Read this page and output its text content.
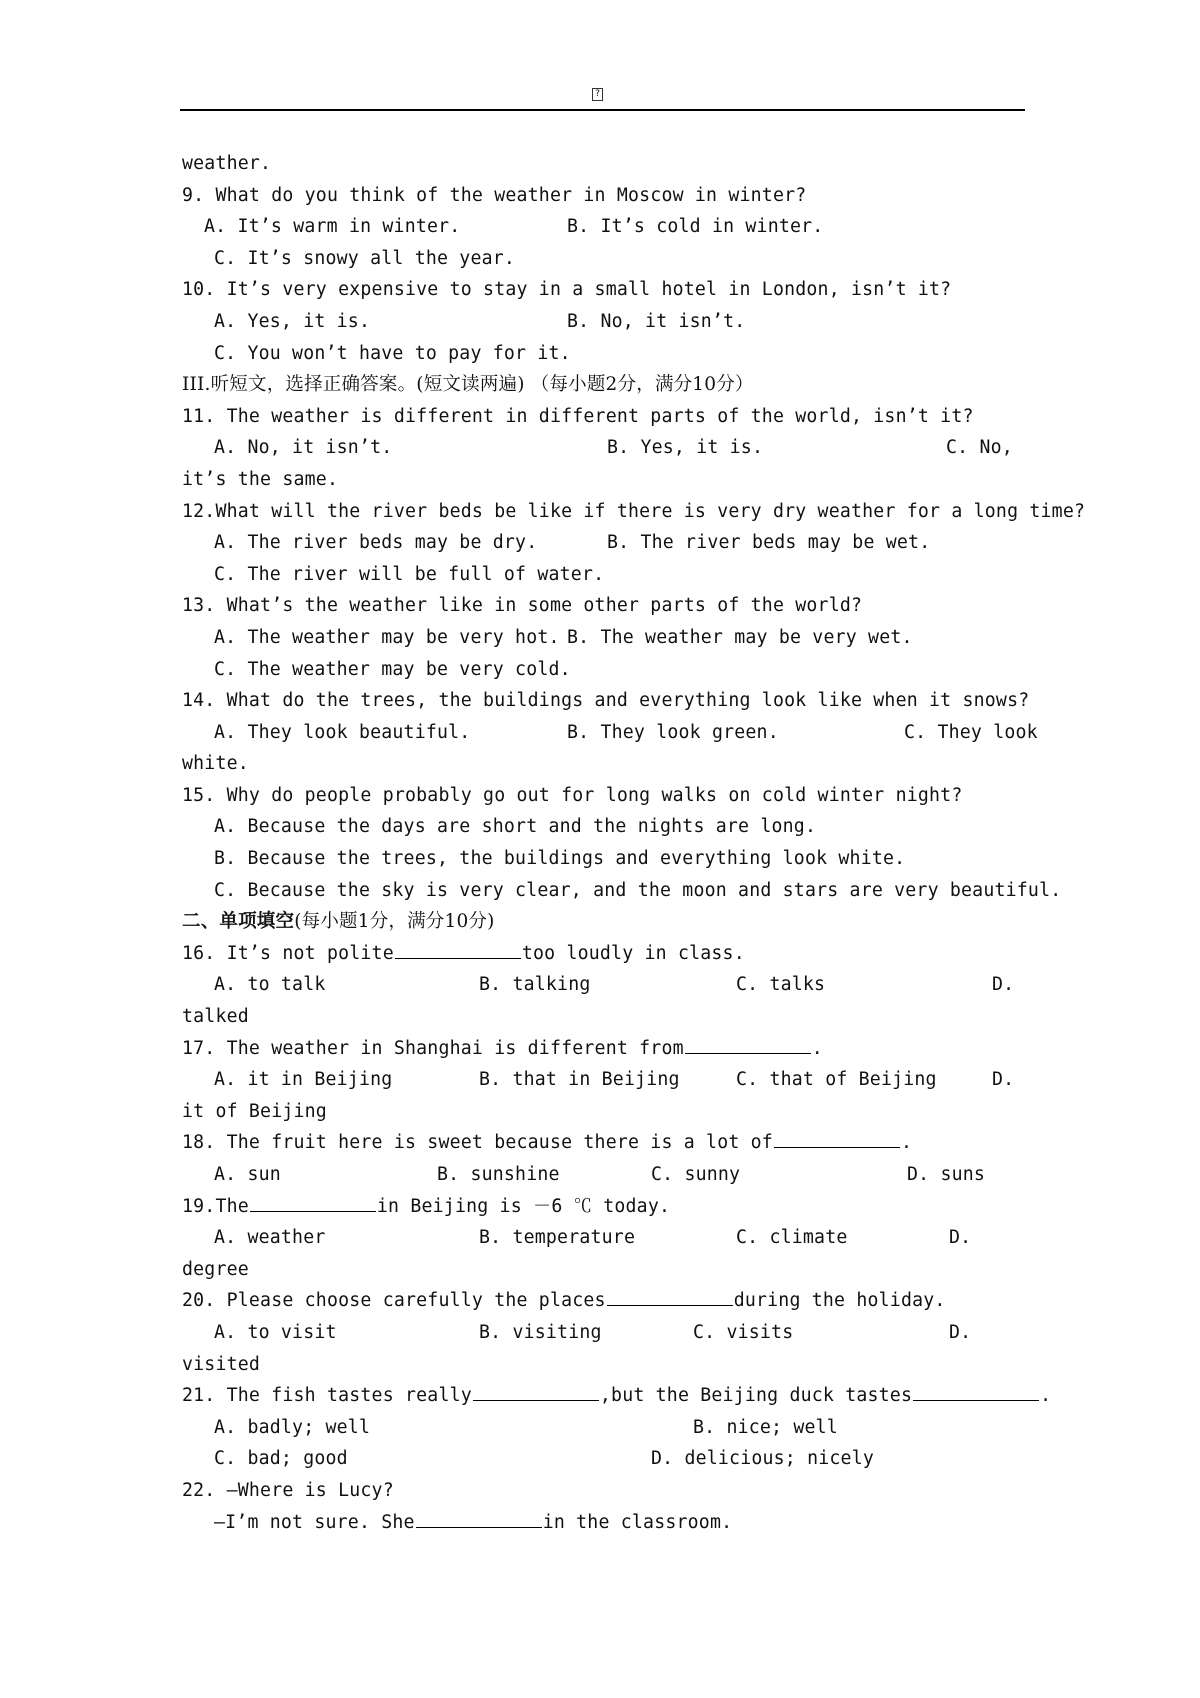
?
weather.
9. What do you think of the weather in Moscow in winter?
A. It’s warm in winter.	B. It’s cold in winter.
C. It’s snowy all the year.
10. It’s very expensive to stay in a small hotel in London, isn’t it?
A. Yes, it is.	B. No, it isn’t.
C. You won’t have to pay for it.
III.听短文，选择正确答案。(短文读两遍) （每小题2分，满分10分）
11. The weather is different in different parts of the world, isn’t it?
A. No, it isn’t.	B. Yes, it is.	C. No,
it’s the same.
12.What will the river beds be like if there is very dry weather for a long time?
A. The river beds may be dry.	B. The river beds may be wet.
C. The river will be full of water.
13. What’s the weather like in some other parts of the world?
A. The weather may be very hot. B. The weather may be very wet.
C. The weather may be very cold.
14. What do the trees, the buildings and everything look like when it snows?
A. They look beautiful.	B. They look green.	C. They look
white.
15. Why do people probably go out for long walks on cold winter night?
A. Because the days are short and the nights are long.
B. Because the trees, the buildings and everything look white.
C. Because the sky is very clear, and the moon and stars are very beautiful.
二、单项填空(每小题1分，满分10分)
16. It’s not polite	too loudly in class.
A. to talk	B. talking	C. talks	D.
talked
17. The weather in Shanghai is different from	.
A. it in Beijing	B. that in Beijing	C. that of Beijing	D.
it of Beijing
18. The fruit here is sweet because there is a lot of	.
A. sun	B. sunshine	C. sunny	D. suns
19.The	in Beijing is －6 ℃ today.
A. weather	B. temperature	C. climate	D.
degree
20. Please choose carefully the places	during the holiday.
A. to visit	B. visiting	C. visits	D.
visited
21. The fish tastes really	,but the Beijing duck tastes	.
A. badly; well	B. nice; well
C. bad; good	D. delicious; nicely
22. —Where is Lucy?
—I’m not sure. She	in the classroom.
